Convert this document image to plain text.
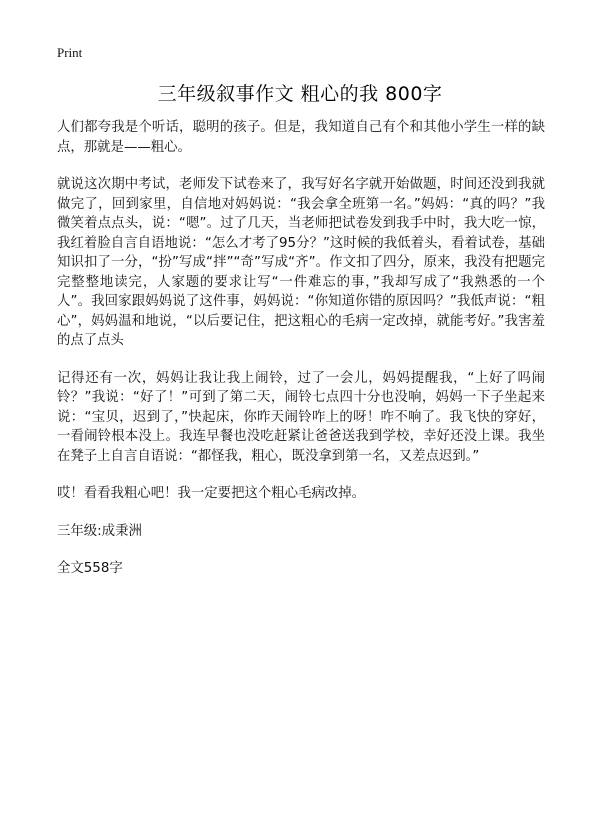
Print
三年级叙事作文 粗心的我 800字

人们都夸我是个听话，聪明的孩子。但是，我知道自己有个和其他小学生一样的缺点，那就是——粗心。

就说这次期中考试，老师发下试卷来了，我写好名字就开始做题，时间还没到我就做完了，回到家里，自信地对妈妈说：“我会拿全班第一名。”妈妈：“真的吗？”我微笑着点点头，说：“嗯”。过了几天，当老师把试卷发到我手中时，我大吃一惊，我红着脸自言自语地说：“怎么才考了95分？”这时候的我低着头，看着试卷，基础知识扣了一分，“扮”写成“拌”“奇”写成“齐”。作文扣了四分，原来，我没有把题完完整整地读完，人家题的要求让写“一件难忘的事，”我却写成了“我熟悉的一个人”。我回家跟妈妈说了这件事，妈妈说：“你知道你错的原因吗？”我低声说：“粗心”，妈妈温和地说，“以后要记住，把这粗心的毛病一定改掉，就能考好。”我害羞的点了点头

记得还有一次，妈妈让我让我上闹铃，过了一会儿，妈妈提醒我，“上好了吗闹铃？”我说：“好了！”可到了第二天，闹铃七点四十分也没响，妈妈一下子坐起来说：“宝贝，迟到了，”快起床，你昨天闹铃咋上的呀！咋不响了。我飞快的穿好，一看闹铃根本没上。我连早餐也没吃赶紧让爸爸送我到学校，幸好还没上课。我坐在凳子上自言自语说：“都怪我，粗心，既没拿到第一名，又差点迟到。”

哎！看看我粗心吧！我一定要把这个粗心毛病改掉。

三年级:成秉洲

全文558字
